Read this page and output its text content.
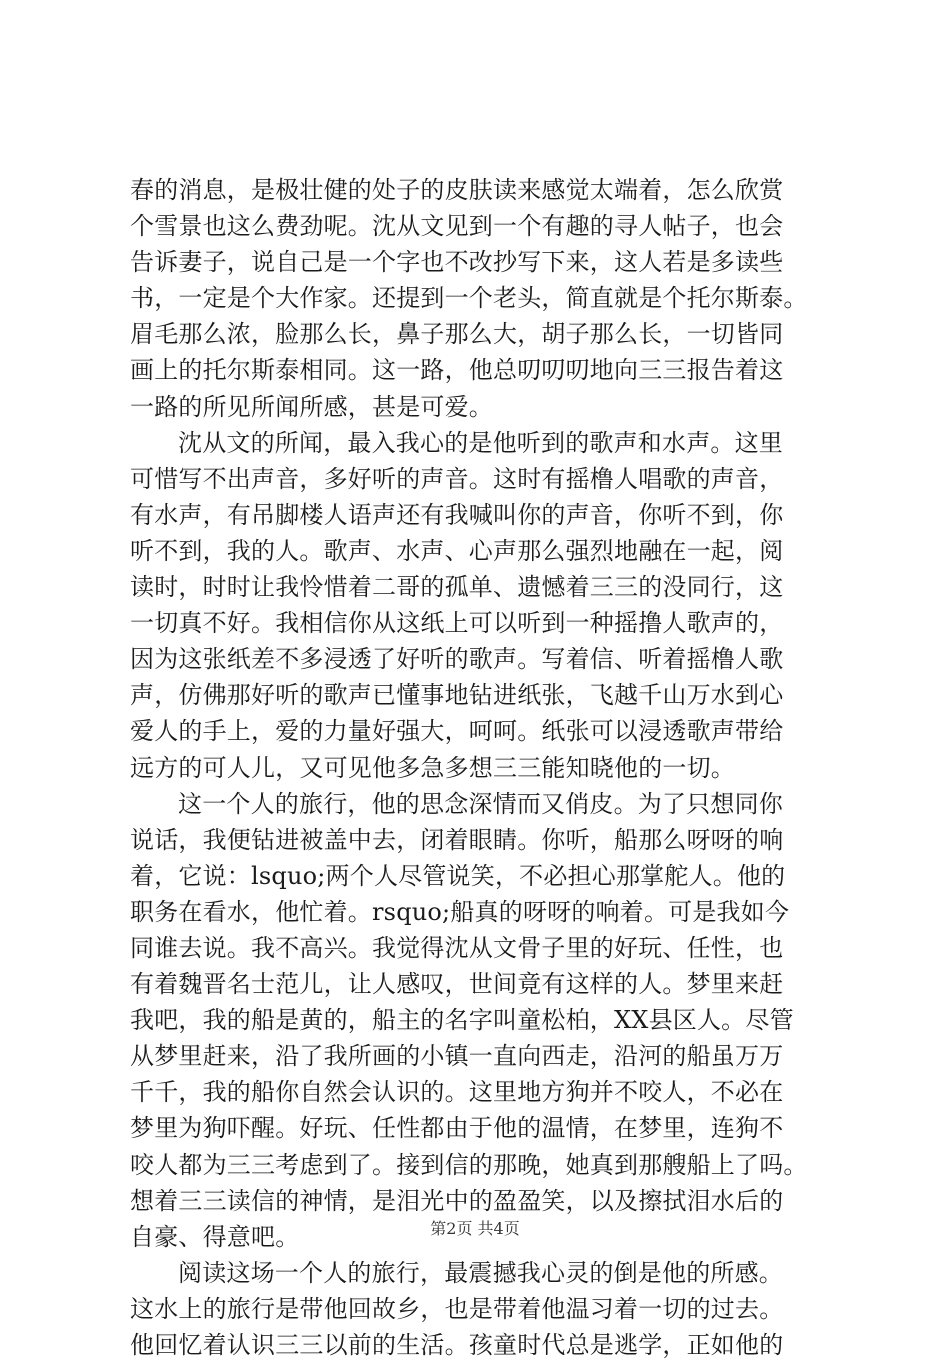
春的消息，是极壮健的处子的皮肤读来感觉太端着，怎么欣赏
个雪景也这么费劲呢。沈从文见到一个有趣的寻人帖子，也会
告诉妻子，说自己是一个字也不改抄写下来，这人若是多读些
书，一定是个大作家。还提到一个老头，简直就是个托尔斯泰。
眉毛那么浓，脸那么长，鼻子那么大，胡子那么长，一切皆同
画上的托尔斯泰相同。这一路，他总叨叨叨地向三三报告着这
一路的所见所闻所感，甚是可爱。
沈从文的所闻，最入我心的是他听到的歌声和水声。这里
可惜写不出声音，多好听的声音。这时有摇橹人唱歌的声音，
有水声，有吊脚楼人语声还有我喊叫你的声音，你听不到，你
听不到，我的人。歌声、水声、心声那么强烈地融在一起，阅
读时，时时让我怜惜着二哥的孤单、遗憾着三三的没同行，这
一切真不好。我相信你从这纸上可以听到一种摇撸人歌声的，
因为这张纸差不多浸透了好听的歌声。写着信、听着摇橹人歌
声，仿佛那好听的歌声已懂事地钻进纸张，飞越千山万水到心
爱人的手上，爱的力量好强大，呵呵。纸张可以浸透歌声带给
远方的可人儿，又可见他多急多想三三能知晓他的一切。
这一个人的旅行，他的思念深情而又俏皮。为了只想同你
说话，我便钻进被盖中去，闭着眼睛。你听，船那么呀呀的响
着，它说：lsquo;两个人尽管说笑，不必担心那掌舵人。他的
职务在看水，他忙着。rsquo;船真的呀呀的响着。可是我如今
同谁去说。我不高兴。我觉得沈从文骨子里的好玩、任性，也
有着魏晋名士范儿，让人感叹，世间竟有这样的人。梦里来赶
我吧，我的船是黄的，船主的名字叫童松柏，XX县区人。尽管
从梦里赶来，沿了我所画的小镇一直向西走，沿河的船虽万万
千千，我的船你自然会认识的。这里地方狗并不咬人，不必在
梦里为狗吓醒。好玩、任性都由于他的温情，在梦里，连狗不
咬人都为三三考虑到了。接到信的那晚，她真到那艘船上了吗。
想着三三读信的神情，是泪光中的盈盈笑，以及擦拭泪水后的
自豪、得意吧。
阅读这场一个人的旅行，最震撼我心灵的倒是他的所感。
这水上的旅行是带他回故乡，也是带着他温习着一切的过去。
他回忆着认识三三以前的生活。孩童时代总是逃学，正如他的
第2页 共4页
